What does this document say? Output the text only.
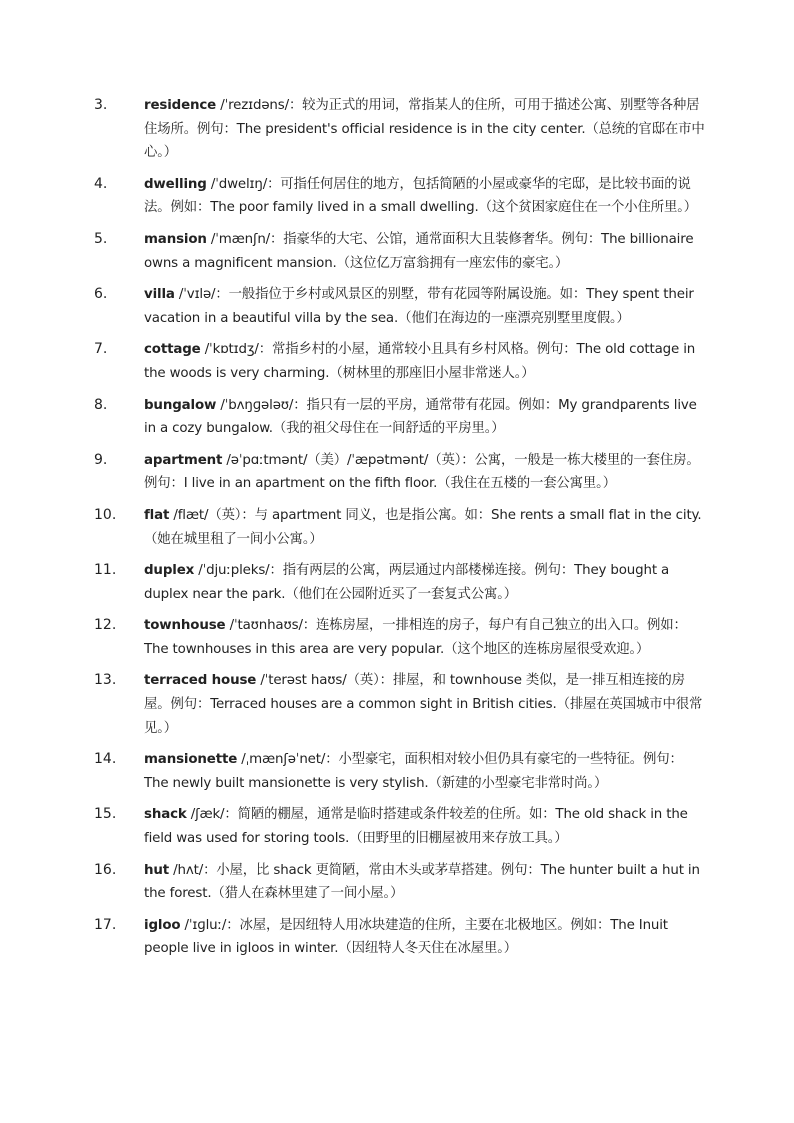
3.	residence /ˈrezɪdəns/：较为正式的用词，常指某人的住所，可用于描述公寓、别墅等各种居住场所。例句：The president's official residence is in the city center.（总统的官邸在市中心。）
4.	dwelling /ˈdwelɪŋ/：可指任何居住的地方，包括简陋的小屋或豪华的宅邸，是比较书面的说法。例如：The poor family lived in a small dwelling.（这个贫困家庭住在一个小住所里。）
5.	mansion /ˈmænʃn/：指豪华的大宅、公馆，通常面积大且装修奢华。例句：The billionaire owns a magnificent mansion.（这位亿万富翁拥有一座宏伟的豪宅。）
6.	villa /ˈvɪlə/：一般指位于乡村或风景区的别墅，带有花园等附属设施。如：They spent their vacation in a beautiful villa by the sea.（他们在海边的一座漂亮别墅里度假。）
7.	cottage /ˈkɒtɪdʒ/：常指乡村的小屋，通常较小且具有乡村风格。例句：The old cottage in the woods is very charming.（树林里的那座旧小屋非常迷人。）
8.	bungalow /ˈbʌŋɡələʊ/：指只有一层的平房，通常带有花园。例如：My grandparents live in a cozy bungalow.（我的祖父母住在一间舒适的平房里。）
9.	apartment /əˈpɑːtmənt/（美）/ˈæpətmənt/（英）：公寓，一般是一栋大楼里的一套住房。例句：I live in an apartment on the fifth floor.（我住在五楼的一套公寓里。）
10.	flat /flæt/（英）：与 apartment 同义，也是指公寓。如：She rents a small flat in the city.（她在城里租了一间小公寓。）
11.	duplex /ˈdjuːpleks/：指有两层的公寓，两层通过内部楼梯连接。例句：They bought a duplex near the park.（他们在公园附近买了一套复式公寓。）
12.	townhouse /ˈtaʊnhaʊs/：连栋房屋，一排相连的房子，每户有自己独立的出入口。例如：The townhouses in this area are very popular.（这个地区的连栋房屋很受欢迎。）
13.	terraced house /ˈterəst haʊs/（英）：排屋，和 townhouse 类似，是一排互相连接的房屋。例句：Terraced houses are a common sight in British cities.（排屋在英国城市中很常见。）
14.	mansionette /ˌmænʃəˈnet/：小型豪宅，面积相对较小但仍具有豪宅的一些特征。例句：The newly built mansionette is very stylish.（新建的小型豪宅非常时尚。）
15.	shack /ʃæk/：简陋的棚屋，通常是临时搭建或条件较差的住所。如：The old shack in the field was used for storing tools.（田野里的旧棚屋被用来存放工具。）
16.	hut /hʌt/：小屋，比 shack 更简陋，常由木头或茅草搭建。例句：The hunter built a hut in the forest.（猎人在森林里建了一间小屋。）
17.	igloo /ˈɪɡluː/：冰屋，是因纽特人用冰块建造的住所，主要在北极地区。例如：The Inuit people live in igloos in winter.（因纽特人冬天住在冰屋里。）
